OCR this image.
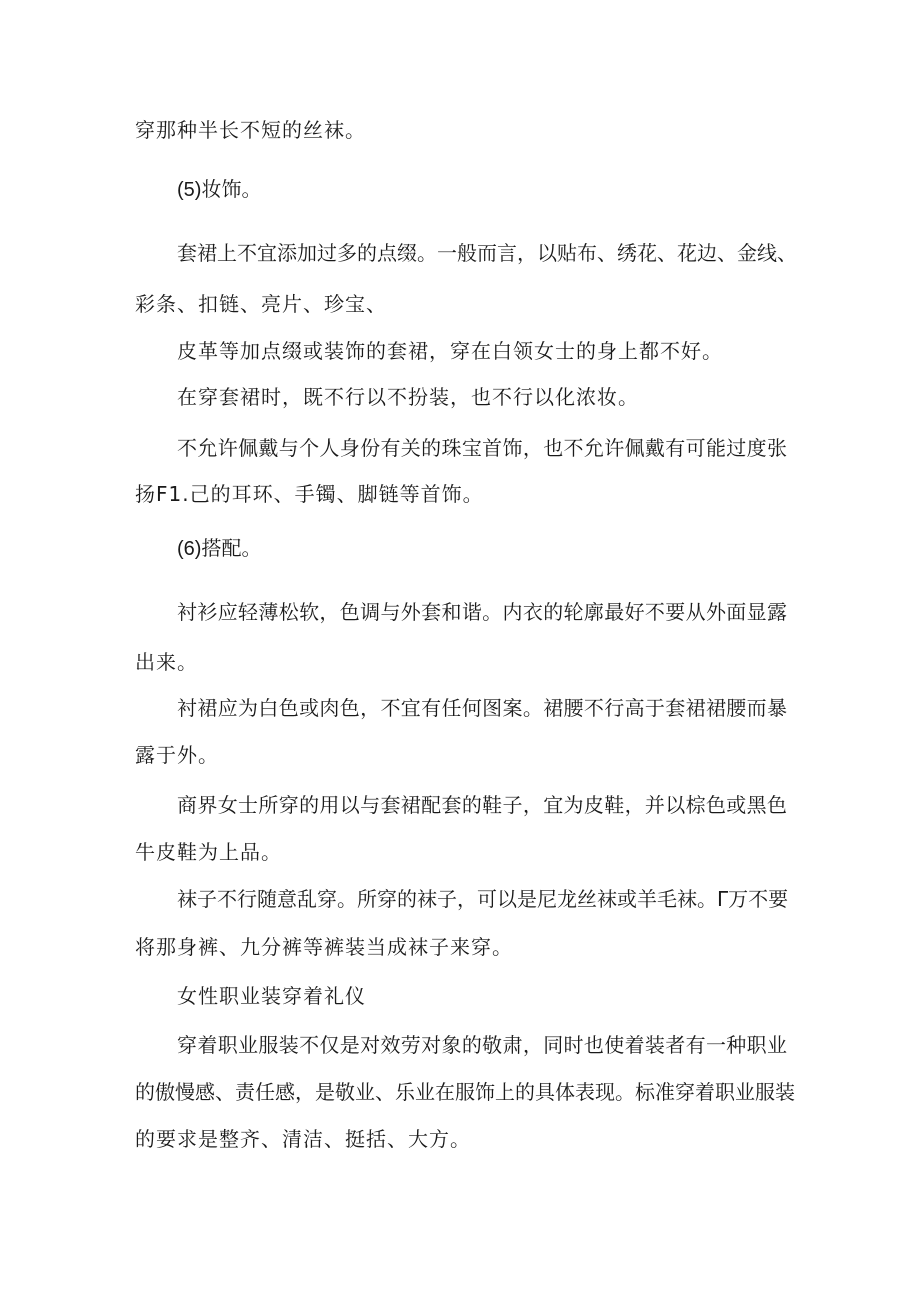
穿那种半长不短的丝袜。

(5)妆饰。

套裙上不宜添加过多的点缀。一般而言，以贴布、绣花、花边、金线、

彩条、扣链、亮片、珍宝、

皮革等加点缀或装饰的套裙，穿在白领女士的身上都不好。

在穿套裙时，既不行以不扮装，也不行以化浓妆。

不允许佩戴与个人身份有关的珠宝首饰，也不允许佩戴有可能过度张

扬F1.己的耳环、手镯、脚链等首饰。

(6)搭配。

衬衫应轻薄松软，色调与外套和谐。内衣的轮廓最好不要从外面显露

出来。

衬裙应为白色或肉色，不宜有任何图案。裙腰不行高于套裙裙腰而暴

露于外。

商界女士所穿的用以与套裙配套的鞋子，宜为皮鞋，并以棕色或黑色

牛皮鞋为上品。

袜子不行随意乱穿。所穿的袜子，可以是尼龙丝袜或羊毛袜。Γ万不要

将那身裤、九分裤等裤装当成袜子来穿。

女性职业装穿着礼仪

穿着职业服装不仅是对效劳对象的敬肃，同时也使着装者有一种职业

的傲慢感、责任感，是敬业、乐业在服饰上的具体表现。标准穿着职业服装

的要求是整齐、清洁、挺括、大方。
